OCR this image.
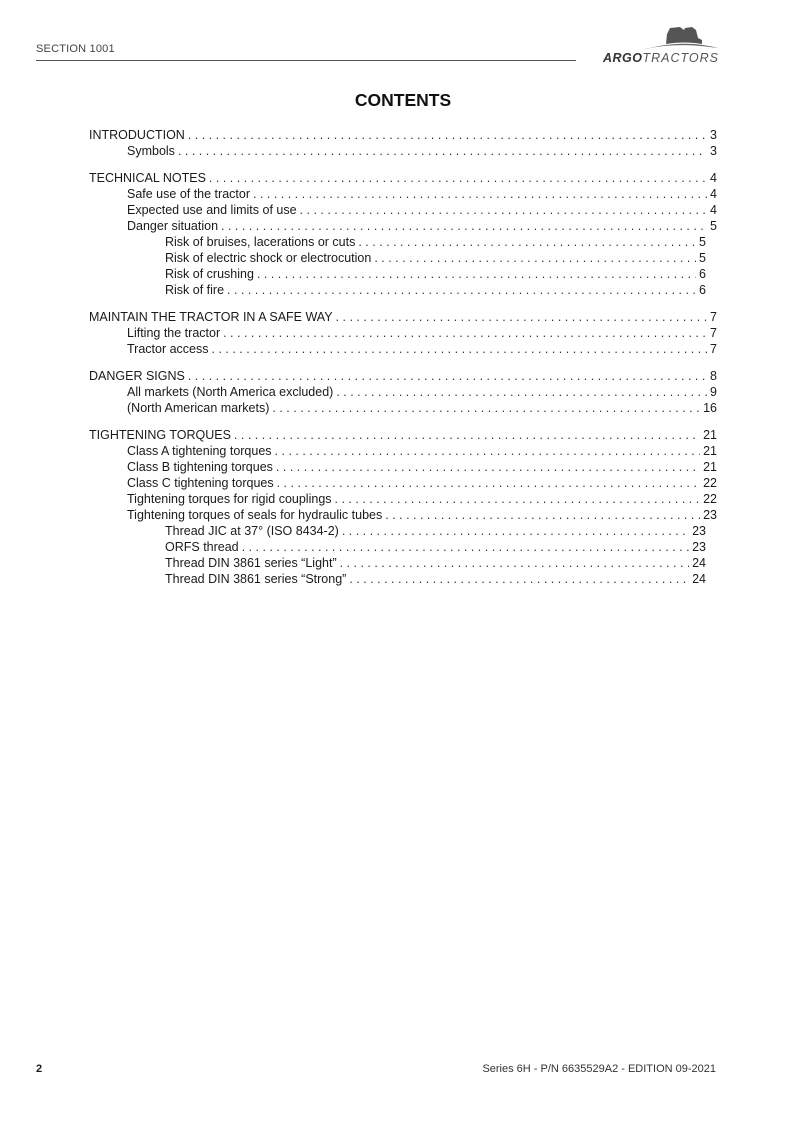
SECTION 1001
ARGOTRACTORS
CONTENTS
INTRODUCTION . . .	3
Symbols . . .	3
TECHNICAL NOTES . . .	4
Safe use of the tractor . . .	4
Expected use and limits of use . . .	4
Danger situation . . .	5
Risk of bruises, lacerations or cuts . . .	5
Risk of electric shock or electrocution . . .	5
Risk of crushing . . .	6
Risk of fire . . .	6
MAINTAIN THE TRACTOR IN A SAFE WAY . . .	7
Lifting the tractor . . .	7
Tractor access . . .	7
DANGER SIGNS . . .	8
All markets (North America excluded) . . .	9
(North American markets) . . .	16
TIGHTENING TORQUES . . .	21
Class A tightening torques . . .	21
Class B tightening torques . . .	21
Class C tightening torques . . .	22
Tightening torques for rigid couplings . . .	22
Tightening torques of seals for hydraulic tubes . . .	23
Thread JIC at 37° (ISO 8434-2) . . .	23
ORFS thread . . .	23
Thread DIN 3861 series “Light” . . .	24
Thread DIN 3861 series “Strong” . . .	24
2	Series 6H - P/N 6635529A2 - EDITION 09-2021
